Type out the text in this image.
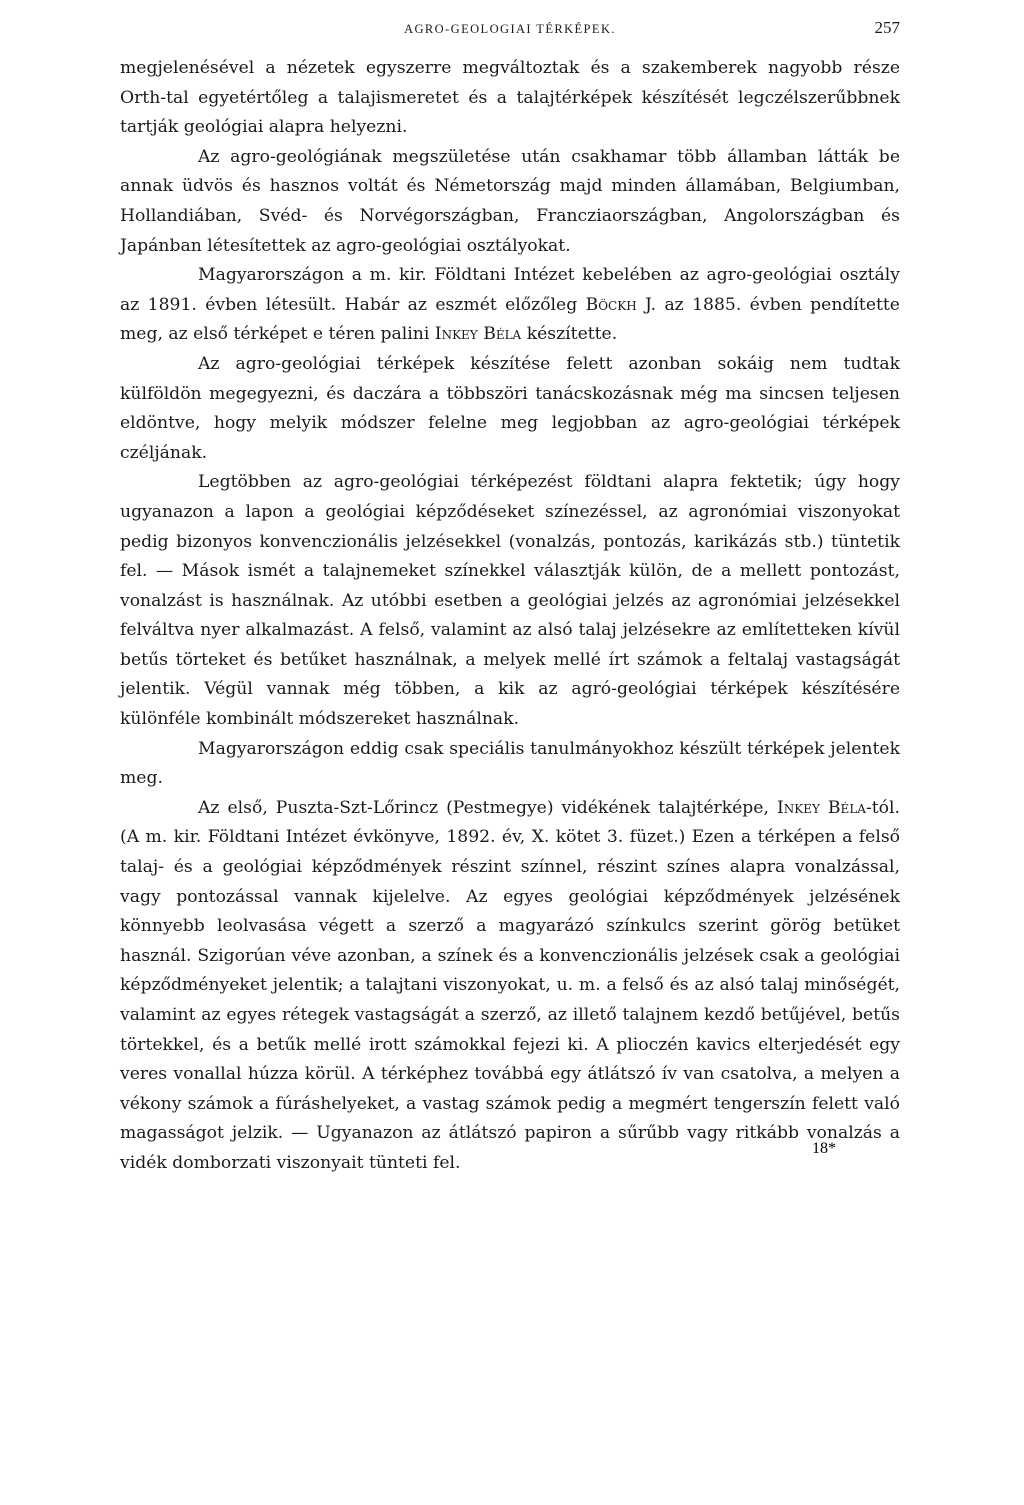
AGRO-GEOLOGIAI TÉRKÉPEK.	257

megjelenésével a nézetek egyszerre megváltoztak és a szakemberek nagyobb része Orth-tal egyetértőleg a talajismeretet és a talajtérképek készítését legczélszerűbbnek tartják geológiai alapra helyezni.

Az agro-geológiának megszületése után csakhamar több államban látták be annak üdvös és hasznos voltát és Németország majd minden államában, Belgiumban, Hollandiában, Svéd- és Norvégországban, Francziaországban, Angolországban és Japánban létesítettek az agro-geológiai osztályokat.

Magyarországon a m. kir. Földtani Intézet kebelében az agro-geológiai osztály az 1891. évben létesült. Habár az eszmét előzőleg Böckh J. az 1885. évben pendítette meg, az első térképet e téren palini Inkey Béla készítette.

Az agro-geológiai térképek készítése felett azonban sokáig nem tudtak külföldön megegyezni, és daczára a többszöri tanácskozásnak még ma sincsen teljesen eldöntve, hogy melyik módszer felelne meg legjobban az agro-geológiai térképek czéljának.

Legtöbben az agro-geológiai térképezést földtani alapra fektetik; úgy hogy ugyanazon a lapon a geológiai képződéseket színezéssel, az agronómiai viszonyokat pedig bizonyos konvenczionális jelzésekkel (vonalzás, pontozás, karikázás stb.) tüntetik fel. — Mások ismét a talajnemeket színekkel választják külön, de a mellett pontozást, vonalzást is használnak. Az utóbbi esetben a geológiai jelzés az agronómiai jelzésekkel felváltva nyer alkalmazást. A felső, valamint az alsó talaj jelzésekre az említetteken kívül betűs törteket és betűket használnak, a melyek mellé írt számok a feltalaj vastagságát jelentik. Végül vannak még többen, a kik az agró-geológiai térképek készítésére különféle kombinált módszereket használnak.

Magyarországon eddig csak speciális tanulmányokhoz készült térképek jelentek meg.

Az első, Puszta-Szt-Lőrincz (Pestmegye) vidékének talajtérképe, Inkey Béla-tól. (A m. kir. Földtani Intézet évkönyve, 1892. év, X. kötet 3. füzet.) Ezen a térképen a felső talaj- és a geológiai képződmények részint színnel, részint színes alapra vonalzással, vagy pontozással vannak kijelelve. Az egyes geológiai képződmények jelzésének könnyebb leolvasása végett a szerző a magyarázó színkulcs szerint görög betüket használ. Szigorúan véve azonban, a színek és a konvenczionális jelzések csak a geológiai képződményeket jelentik; a talajtani viszonyokat, u. m. a felső és az alsó talaj minőségét, valamint az egyes rétegek vastagságát a szerző, az illető talajnem kezdő betűjével, betűs törtekkel, és a betűk mellé irott számokkal fejezi ki. A plioczén kavics elterjedését egy veres vonallal húzza körül. A térképhez továbbá egy átlátszó ív van csatolva, a melyen a vékony számok a fúráshelyeket, a vastag számok pedig a megmért tengerszín felett való magasságot jelzik. — Ugyanazon az átlátszó papiron a sűrűbb vagy ritkább vonalzás a vidék domborzati viszonyait tünteti fel.

18*
